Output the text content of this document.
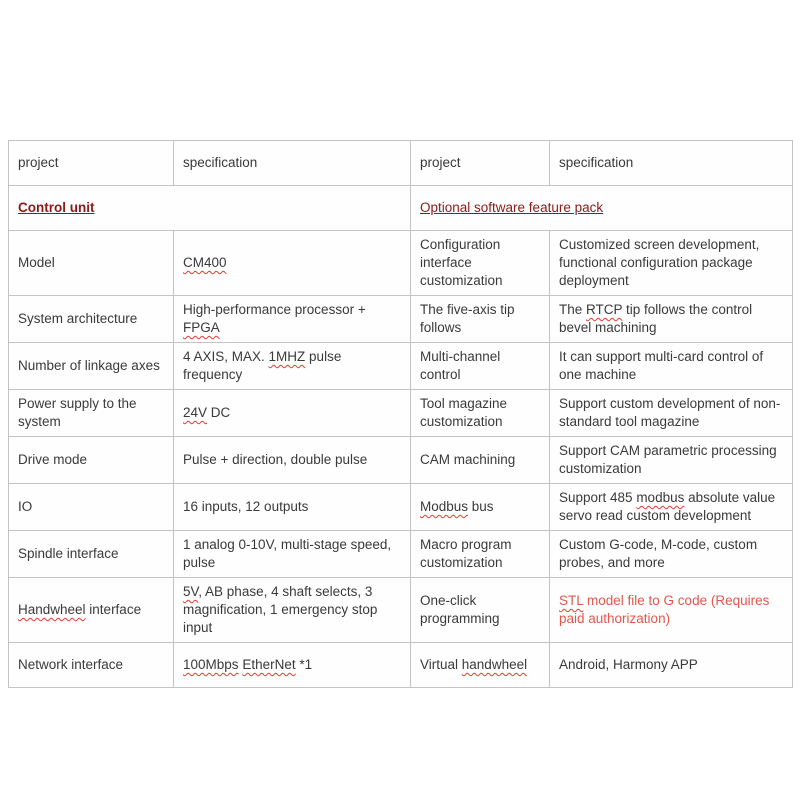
project	specification	project	specification
Control unit		Optional software feature pack	
Model	CM400	Configuration interface customization	Customized screen development, functional configuration package deployment
System architecture	High-performance processor + FPGA	The five-axis tip follows	The RTCP tip follows the control bevel machining
Number of linkage axes	4 AXIS, MAX. 1MHZ pulse frequency	Multi-channel control	It can support multi-card control of one machine
Power supply to the system	24V DC	Tool magazine customization	Support custom development of non-standard tool magazine
Drive mode	Pulse + direction, double pulse	CAM machining	Support CAM parametric processing customization
IO	16 inputs, 12 outputs	Modbus bus	Support 485 modbus absolute value servo read custom development
Spindle interface	1 analog 0-10V, multi-stage speed, pulse	Macro program customization	Custom G-code, M-code, custom probes, and more
Handwheel interface	5V, AB phase, 4 shaft selects, 3 magnification, 1 emergency stop input	One-click programming	STL model file to G code (Requires paid authorization)
Network interface	100Mbps EtherNet *1	Virtual handwheel	Android, Harmony APP
